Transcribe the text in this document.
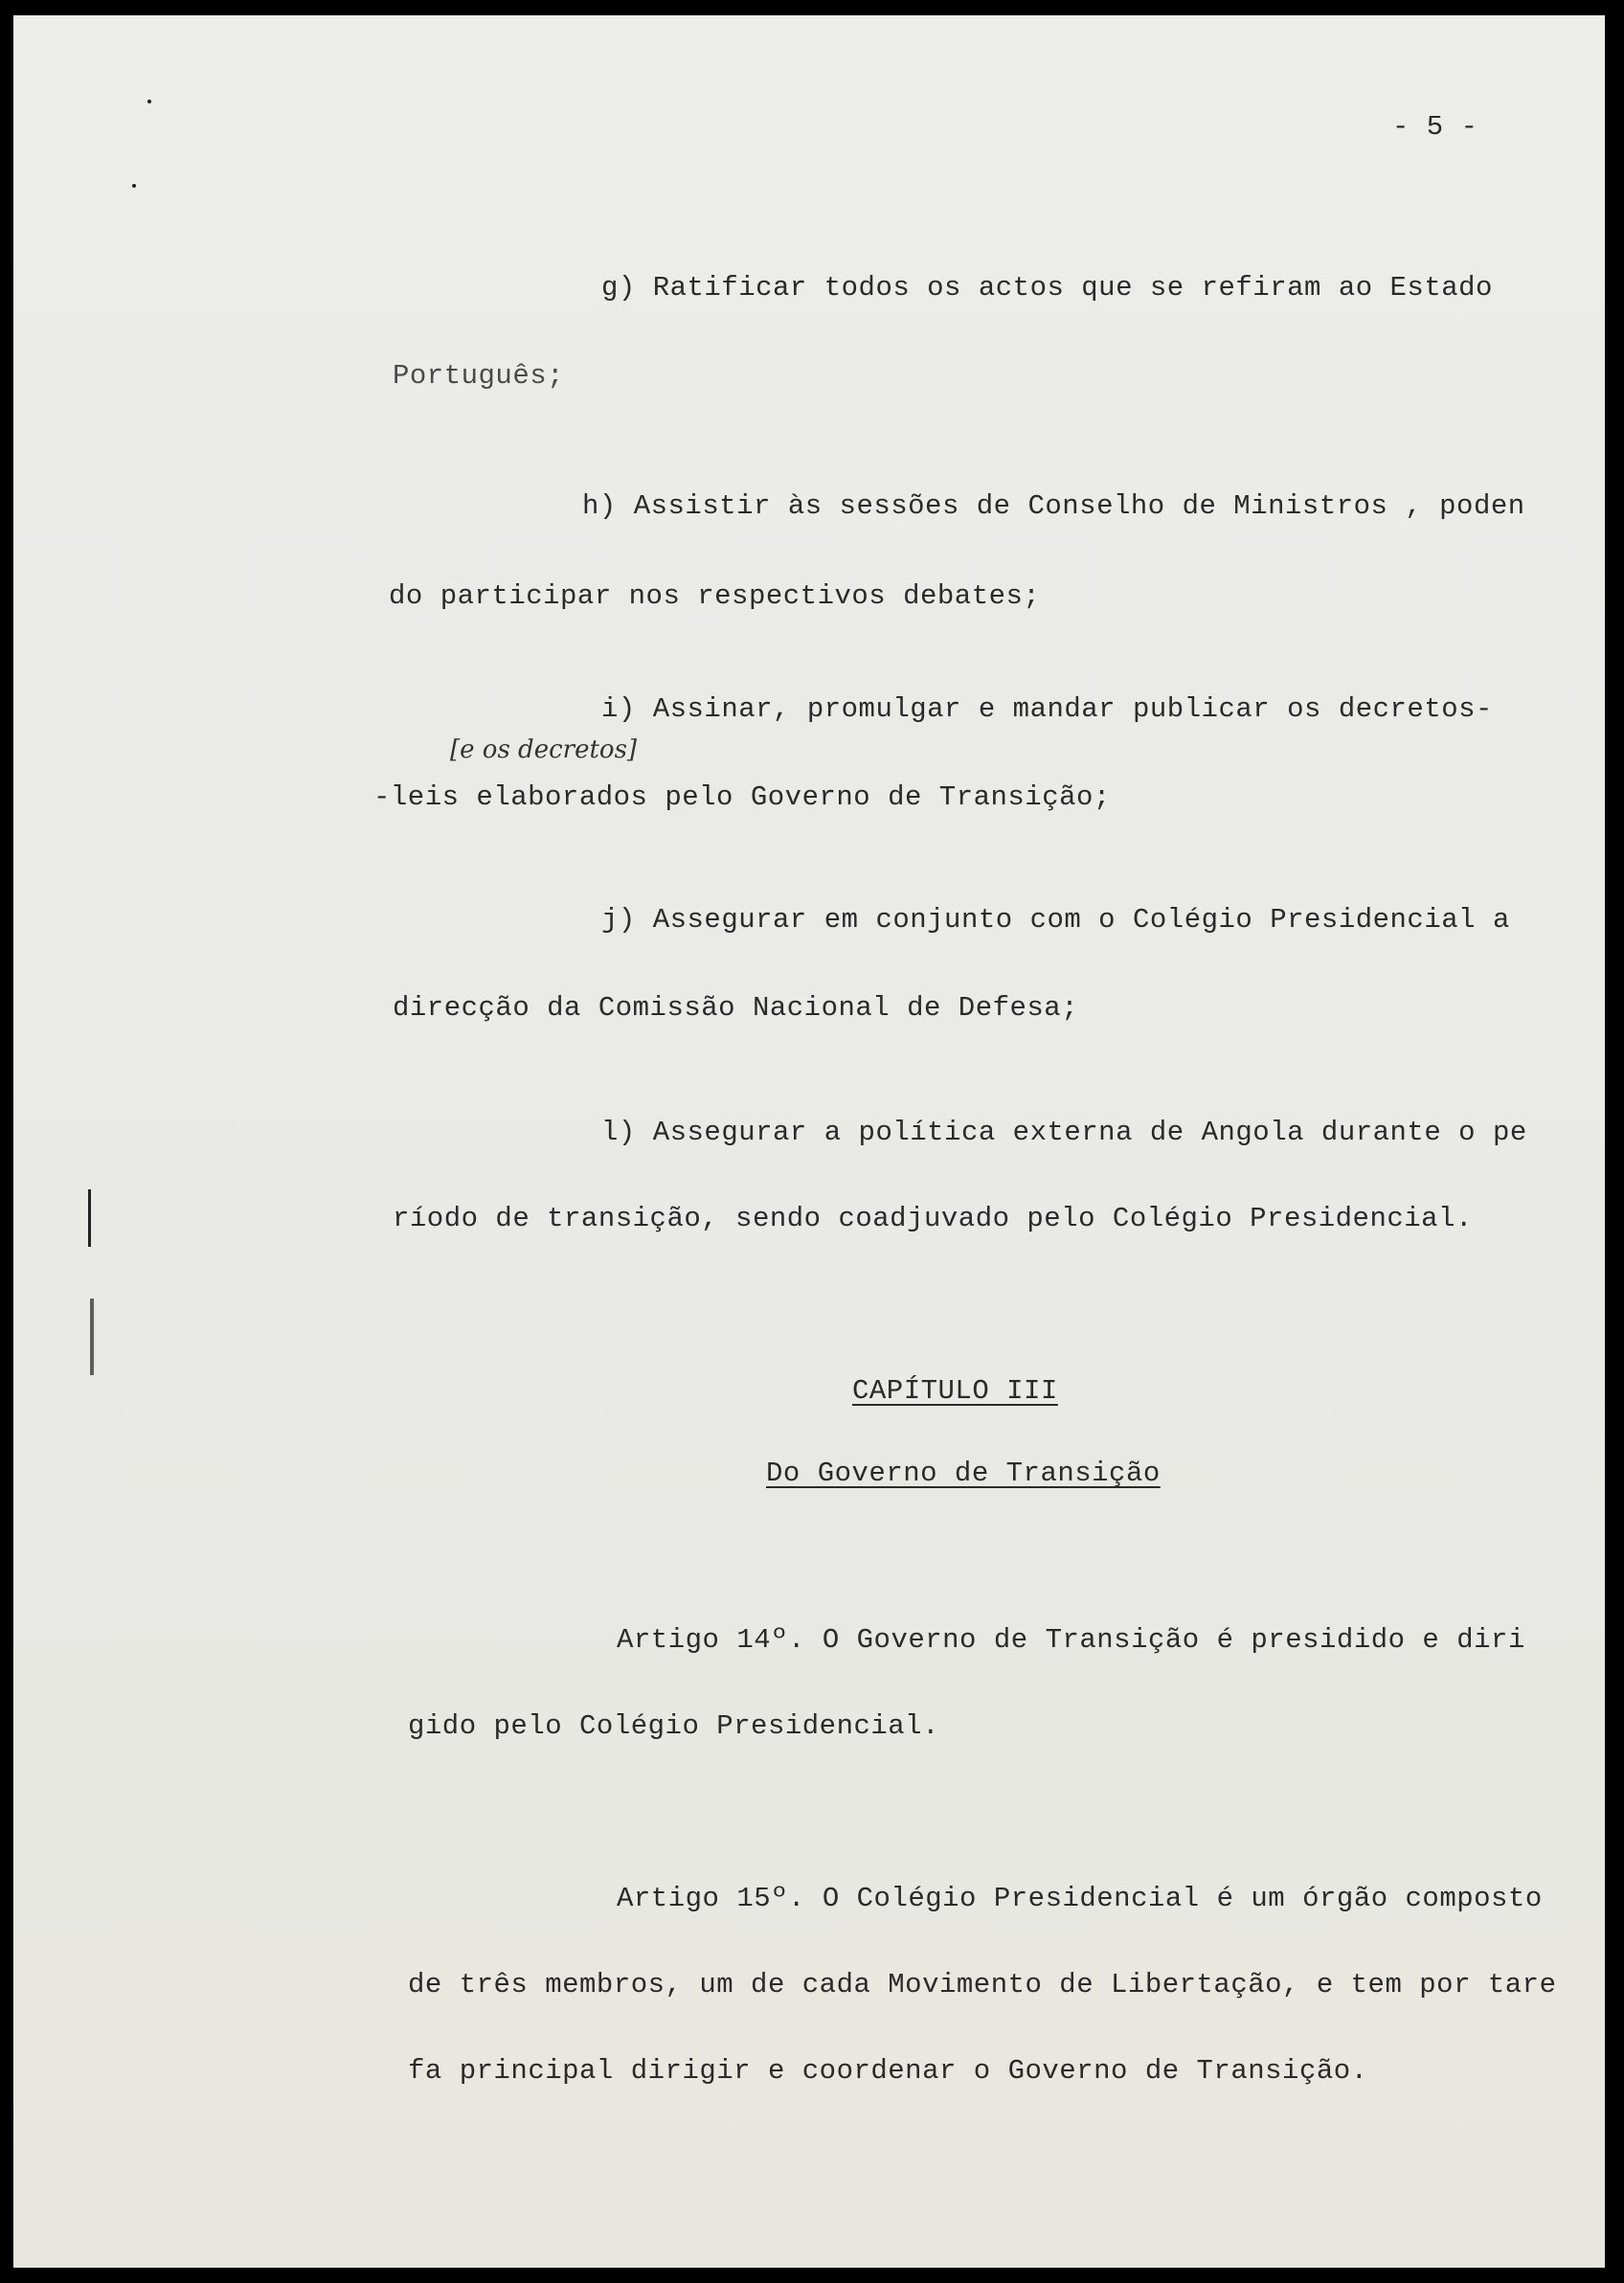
- 5 -
g) Ratificar todos os actos que se refiram ao Estado
Português;
h) Assistir às sessões de Conselho de Ministros , poden
do participar nos respectivos debates;
i) Assinar, promulgar e mandar publicar os decretos-
[e os decretos]
-leis elaborados pelo Governo de Transição;
j) Assegurar em conjunto com o Colégio Presidencial a
direcção da Comissão Nacional de Defesa;
l) Assegurar a política externa de Angola durante o pe
ríodo de transição, sendo coadjuvado pelo Colégio Presidencial.
CAPÍTULO III
Do Governo de Transição
Artigo 14º. O Governo de Transição é presidido e diri
gido pelo Colégio Presidencial.
Artigo 15º. O Colégio Presidencial é um órgão composto
de três membros, um de cada Movimento de Libertação, e tem por tare
fa principal dirigir e coordenar o Governo de Transição.
